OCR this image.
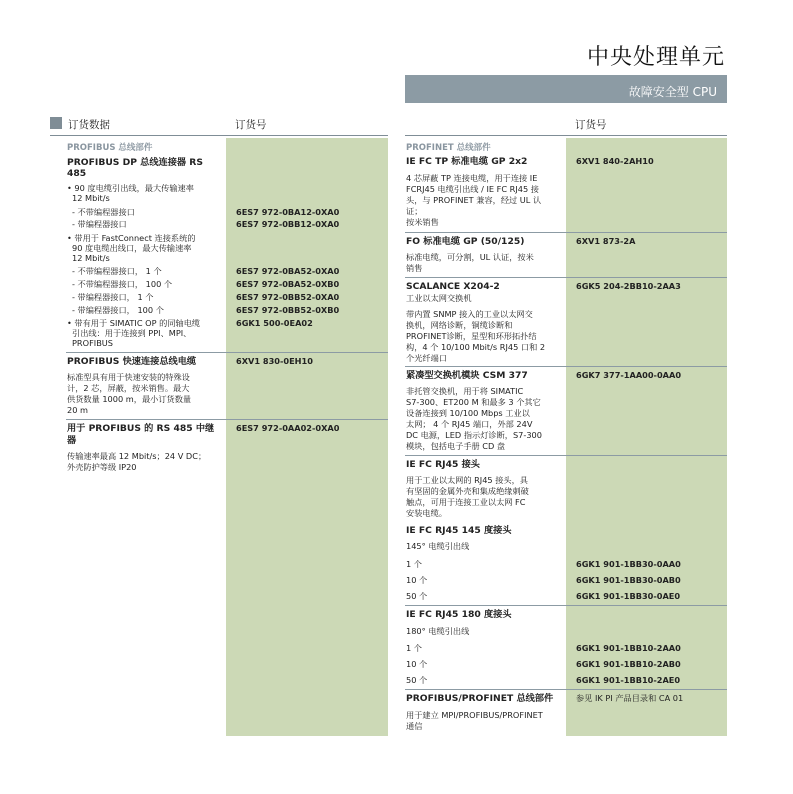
中央处理单元
故障安全型 CPU
订货数据	订货号	订货号
PROFIBUS 总线部件
PROFIBUS DP 总线连接器 RS 485
• 90 度电缆引出线，最大传输速率
12 Mbit/s
- 不带编程器接口
- 带编程器接口
• 带用于 FastConnect 连接系统的
90 度电缆出线口，最大传输速率
12 Mbit/s
- 不带编程器接口， 1 个
- 不带编程器接口， 100 个
- 带编程器接口， 1 个
- 带编程器接口， 100 个
• 带有用于 SIMATIC OP 的同轴电缆
引出线：用于连接到 PPI、MPI、
PROFIBUS
6ES7 972-0BA12-0XA0
6ES7 972-0BB12-0XA0
6ES7 972-0BA52-0XA0
6ES7 972-0BA52-0XB0
6ES7 972-0BB52-0XA0
6ES7 972-0BB52-0XB0
6GK1 500-0EA02
PROFIBUS 快速连接总线电缆
标准型具有用于快速安装的特殊设
计，2 芯，屏蔽，按米销售。最大
供货数量 1000 m，最小订货数量
20 m
6XV1 830-0EH10
用于 PROFIBUS 的 RS 485 中继
器
传输速率最高 12 Mbit/s；24 V DC；
外壳防护等级 IP20
6ES7 972-0AA02-0XA0
PROFINET 总线部件
IE FC TP 标准电缆 GP 2x2
4 芯屏蔽 TP 连接电缆，用于连接 IE
FCRJ45 电缆引出线 / IE FC RJ45 接
头，与 PROFINET 兼容，经过 UL 认
证；
按米销售
6XV1 840-2AH10
FO 标准电缆 GP (50/125)
标准电缆，可分割，UL 认证，按米
销售
6XV1 873-2A
SCALANCE X204-2
工业以太网交换机
带内置 SNMP 接入的工业以太网交
换机，网络诊断，铜缆诊断和
PROFINET诊断，星型和环形拓扑结
构，4 个 10/100 Mbit/s RJ45 口和 2
个光纤端口
6GK5 204-2BB10-2AA3
紧凑型交换机模块 CSM 377
非托管交换机，用于将 SIMATIC
S7-300、ET200 M 和最多 3 个其它
设备连接到 10/100 Mbps 工业以
太网； 4 个 RJ45 端口，外部 24V
DC 电源，LED 指示灯诊断，S7-300
模块，包括电子手册 CD 盘
6GK7 377-1AA00-0AA0
IE FC RJ45 接头
用于工业以太网的 RJ45 接头，具
有坚固的金属外壳和集成绝缘刺破
触点，可用于连接工业以太网 FC
安装电缆。
IE FC RJ45 145 度接头
145° 电缆引出线
1 个
10 个
50 个
6GK1 901-1BB30-0AA0
6GK1 901-1BB30-0AB0
6GK1 901-1BB30-0AE0
IE FC RJ45 180 度接头
180° 电缆引出线
1 个
10 个
50 个
6GK1 901-1BB10-2AA0
6GK1 901-1BB10-2AB0
6GK1 901-1BB10-2AE0
PROFIBUS/PROFINET 总线部件
用于建立 MPI/PROFIBUS/PROFINET
通信
参见 IK PI 产品目录和 CA 01
